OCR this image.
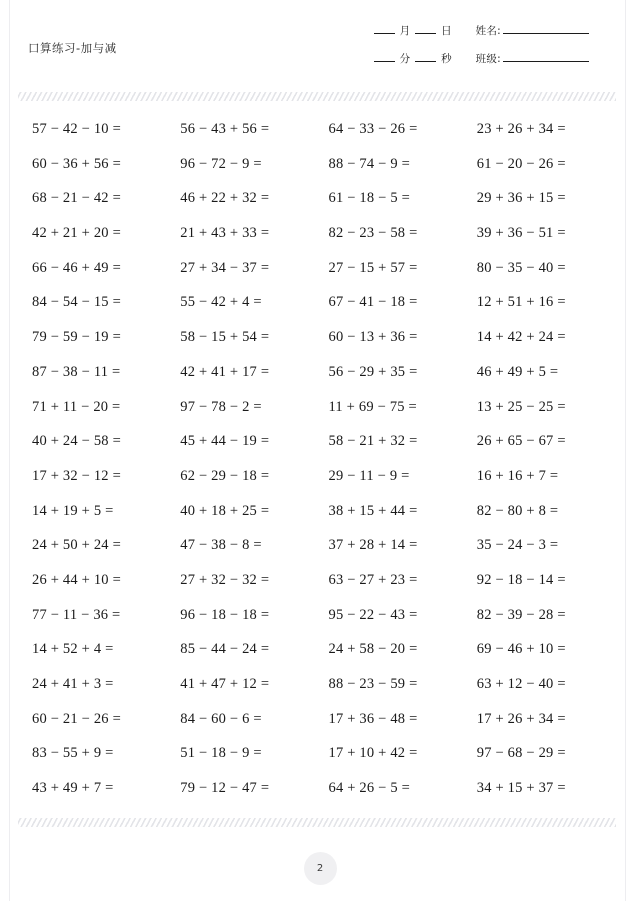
口算练习-加与减
月	日 姓名:
分	秒 班级:
57 − 42 − 10 =	56 − 43 + 56 =	64 − 33 − 26 =	23 + 26 + 34 =
60 − 36 + 56 =	96 − 72 − 9 =	88 − 74 − 9 =	61 − 20 − 26 =
68 − 21 − 42 =	46 + 22 + 32 =	61 − 18 − 5 =	29 + 36 + 15 =
42 + 21 + 20 =	21 + 43 + 33 =	82 − 23 − 58 =	39 + 36 − 51 =
66 − 46 + 49 =	27 + 34 − 37 =	27 − 15 + 57 =	80 − 35 − 40 =
84 − 54 − 15 =	55 − 42 + 4 =	67 − 41 − 18 =	12 + 51 + 16 =
79 − 59 − 19 =	58 − 15 + 54 =	60 − 13 + 36 =	14 + 42 + 24 =
87 − 38 − 11 =	42 + 41 + 17 =	56 − 29 + 35 =	46 + 49 + 5 =
71 + 11 − 20 =	97 − 78 − 2 =	11 + 69 − 75 =	13 + 25 − 25 =
40 + 24 − 58 =	45 + 44 − 19 =	58 − 21 + 32 =	26 + 65 − 67 =
17 + 32 − 12 =	62 − 29 − 18 =	29 − 11 − 9 =	16 + 16 + 7 =
14 + 19 + 5 =	40 + 18 + 25 =	38 + 15 + 44 =	82 − 80 + 8 =
24 + 50 + 24 =	47 − 38 − 8 =	37 + 28 + 14 =	35 − 24 − 3 =
26 + 44 + 10 =	27 + 32 − 32 =	63 − 27 + 23 =	92 − 18 − 14 =
77 − 11 − 36 =	96 − 18 − 18 =	95 − 22 − 43 =	82 − 39 − 28 =
14 + 52 + 4 =	85 − 44 − 24 =	24 + 58 − 20 =	69 − 46 + 10 =
24 + 41 + 3 =	41 + 47 + 12 =	88 − 23 − 59 =	63 + 12 − 40 =
60 − 21 − 26 =	84 − 60 − 6 =	17 + 36 − 48 =	17 + 26 + 34 =
83 − 55 + 9 =	51 − 18 − 9 =	17 + 10 + 42 =	97 − 68 − 29 =
43 + 49 + 7 =	79 − 12 − 47 =	64 + 26 − 5 =	34 + 15 + 37 =
2
